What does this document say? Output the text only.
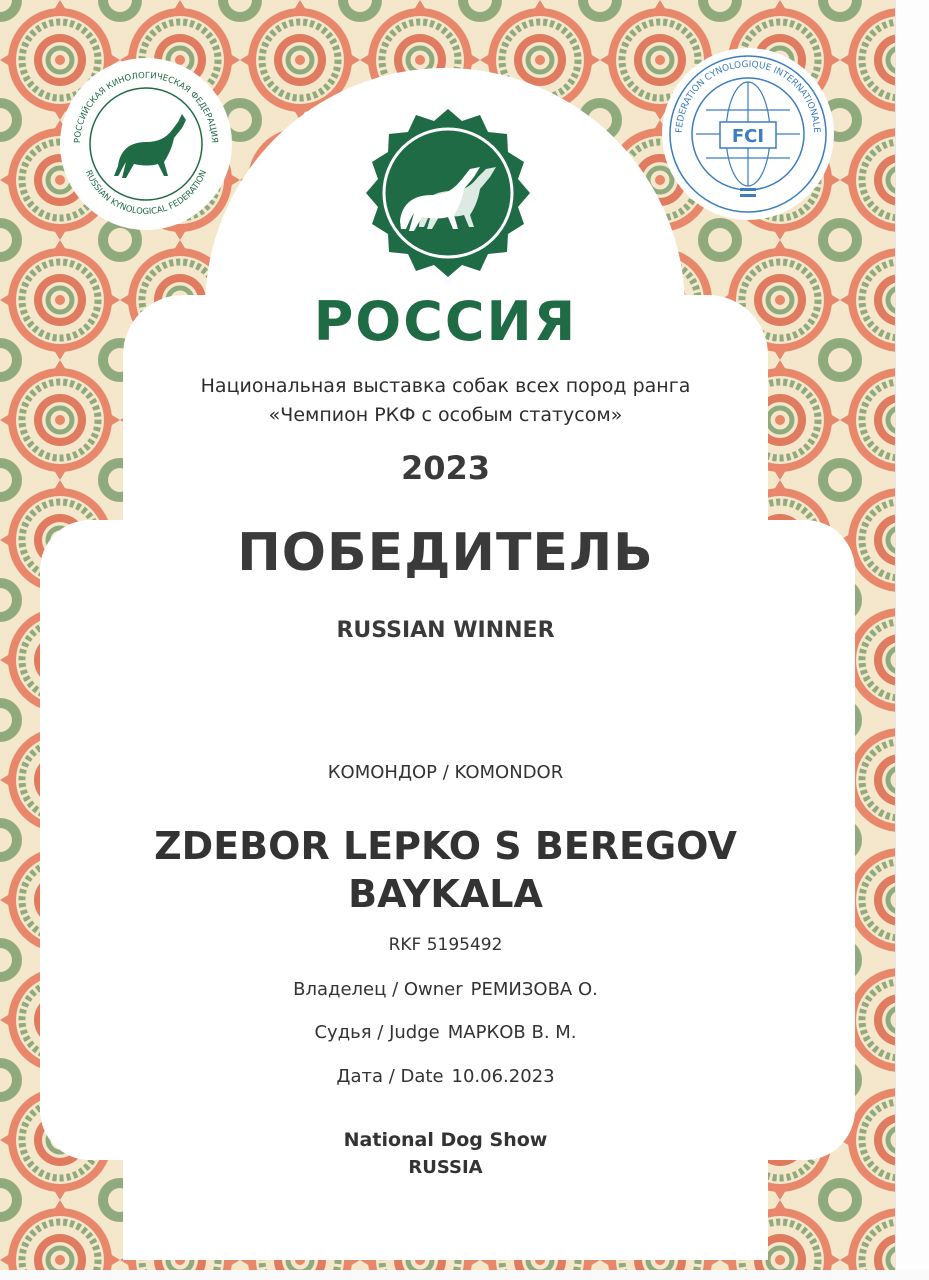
РОССИЙСКАЯ КИНОЛОГИЧЕСКАЯ ФЕДЕРАЦИЯ
RUSSIAN KYNOLOGICAL FEDERATION
FEDERATION CYNOLOGIQUE INTERNATIONALE
FCI
РОССИЯ
Национальная выставка собак всех пород ранга
«Чемпион РКФ с особым статусом»
2023
ПОБЕДИТЕЛЬ
RUSSIAN WINNER
КОМОНДОР / KOMONDOR
ZDEBOR LEPKO S BEREGOV
BAYKALA
RKF 5195492
Владелец / Owner РЕМИЗОВА О.
Судья / Judge МАРКОВ В. М.
Дата / Date 10.06.2023
National Dog Show
RUSSIA
